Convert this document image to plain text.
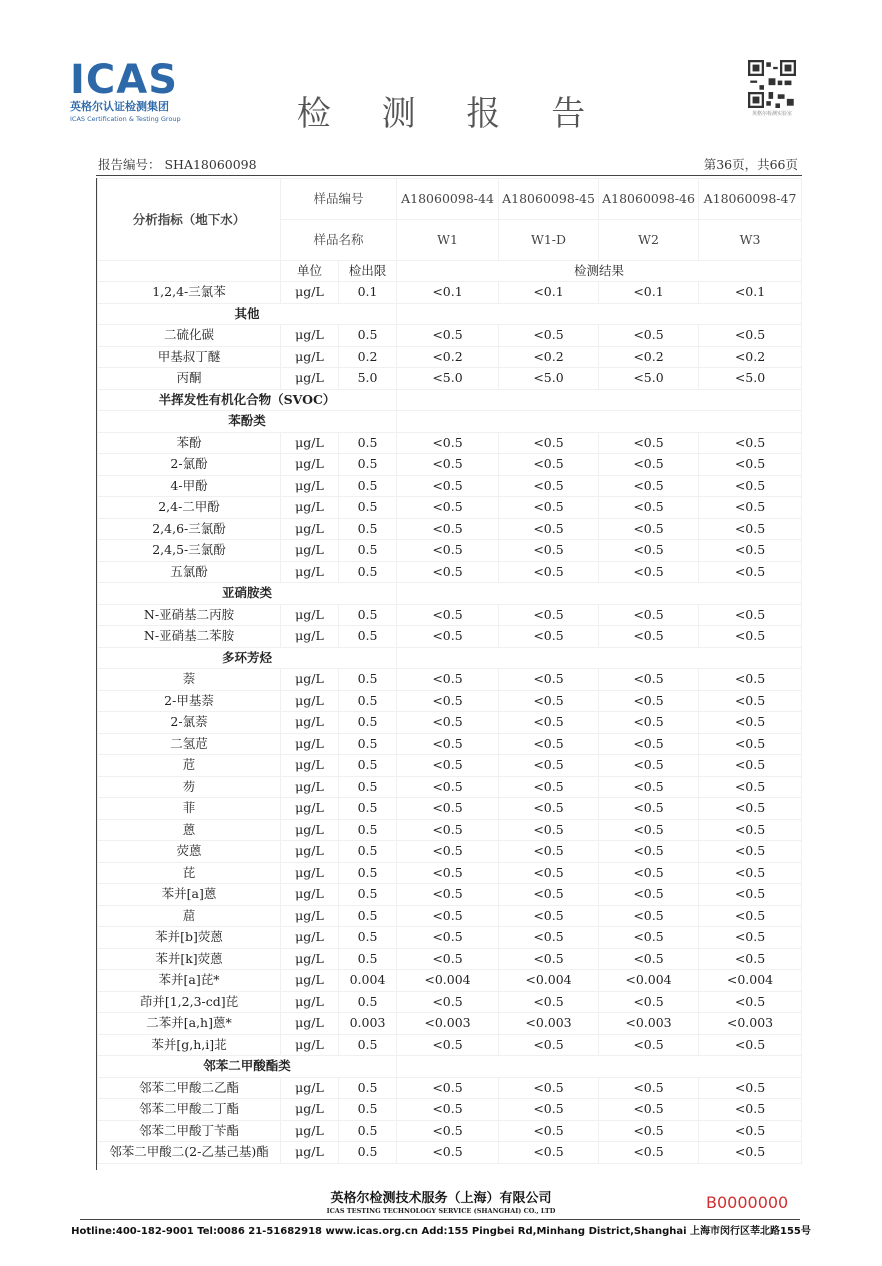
ICAS
英格尔认证检测集团
ICAS Certification & Testing Group	检 测 报 告	英格尔检测实验室
报告编号： SHA18060098	第36页，共66页
分析指标（地下水）	样品编号		A18060098-44	A18060098-45	A18060098-46	A18060098-47
	样品名称		W1	W1-D	W2	W3
	单位	检出限	检测结果			
1,2,4-三氯苯	μg/L	0.1	<0.1	<0.1	<0.1	<0.1
其他						
二硫化碳	μg/L	0.5	<0.5	<0.5	<0.5	<0.5
甲基叔丁醚	μg/L	0.2	<0.2	<0.2	<0.2	<0.2
丙酮	μg/L	5.0	<5.0	<5.0	<5.0	<5.0
半挥发性有机化合物（SVOC）						
苯酚类						
苯酚	μg/L	0.5	<0.5	<0.5	<0.5	<0.5
2-氯酚	μg/L	0.5	<0.5	<0.5	<0.5	<0.5
4-甲酚	μg/L	0.5	<0.5	<0.5	<0.5	<0.5
2,4-二甲酚	μg/L	0.5	<0.5	<0.5	<0.5	<0.5
2,4,6-三氯酚	μg/L	0.5	<0.5	<0.5	<0.5	<0.5
2,4,5-三氯酚	μg/L	0.5	<0.5	<0.5	<0.5	<0.5
五氯酚	μg/L	0.5	<0.5	<0.5	<0.5	<0.5
亚硝胺类						
N-亚硝基二丙胺	μg/L	0.5	<0.5	<0.5	<0.5	<0.5
N-亚硝基二苯胺	μg/L	0.5	<0.5	<0.5	<0.5	<0.5
多环芳烃						
萘	μg/L	0.5	<0.5	<0.5	<0.5	<0.5
2-甲基萘	μg/L	0.5	<0.5	<0.5	<0.5	<0.5
2-氯萘	μg/L	0.5	<0.5	<0.5	<0.5	<0.5
二氢苊	μg/L	0.5	<0.5	<0.5	<0.5	<0.5
苊	μg/L	0.5	<0.5	<0.5	<0.5	<0.5
芴	μg/L	0.5	<0.5	<0.5	<0.5	<0.5
菲	μg/L	0.5	<0.5	<0.5	<0.5	<0.5
蒽	μg/L	0.5	<0.5	<0.5	<0.5	<0.5
荧蒽	μg/L	0.5	<0.5	<0.5	<0.5	<0.5
芘	μg/L	0.5	<0.5	<0.5	<0.5	<0.5
苯并[a]蒽	μg/L	0.5	<0.5	<0.5	<0.5	<0.5
䓛	μg/L	0.5	<0.5	<0.5	<0.5	<0.5
苯并[b]荧蒽	μg/L	0.5	<0.5	<0.5	<0.5	<0.5
苯并[k]荧蒽	μg/L	0.5	<0.5	<0.5	<0.5	<0.5
苯并[a]芘*	μg/L	0.004	<0.004	<0.004	<0.004	<0.004
茚并[1,2,3-cd]芘	μg/L	0.5	<0.5	<0.5	<0.5	<0.5
二苯并[a,h]蒽*	μg/L	0.003	<0.003	<0.003	<0.003	<0.003
苯并[g,h,i]苝	μg/L	0.5	<0.5	<0.5	<0.5	<0.5
邻苯二甲酸酯类						
邻苯二甲酸二乙酯	μg/L	0.5	<0.5	<0.5	<0.5	<0.5
邻苯二甲酸二丁酯	μg/L	0.5	<0.5	<0.5	<0.5	<0.5
邻苯二甲酸丁苄酯	μg/L	0.5	<0.5	<0.5	<0.5	<0.5
邻苯二甲酸二(2-乙基己基)酯	μg/L	0.5	<0.5	<0.5	<0.5	<0.5
英格尔检测技术服务（上海）有限公司
ICAS TESTING TECHNOLOGY SERVICE (SHANGHAI) CO., LTD	B0000000
Hotline:400-182-9001 Tel:0086 21-51682918 www.icas.org.cn Add:155 Pingbei Rd,Minhang District,Shanghai 上海市闵行区莘北路155号
